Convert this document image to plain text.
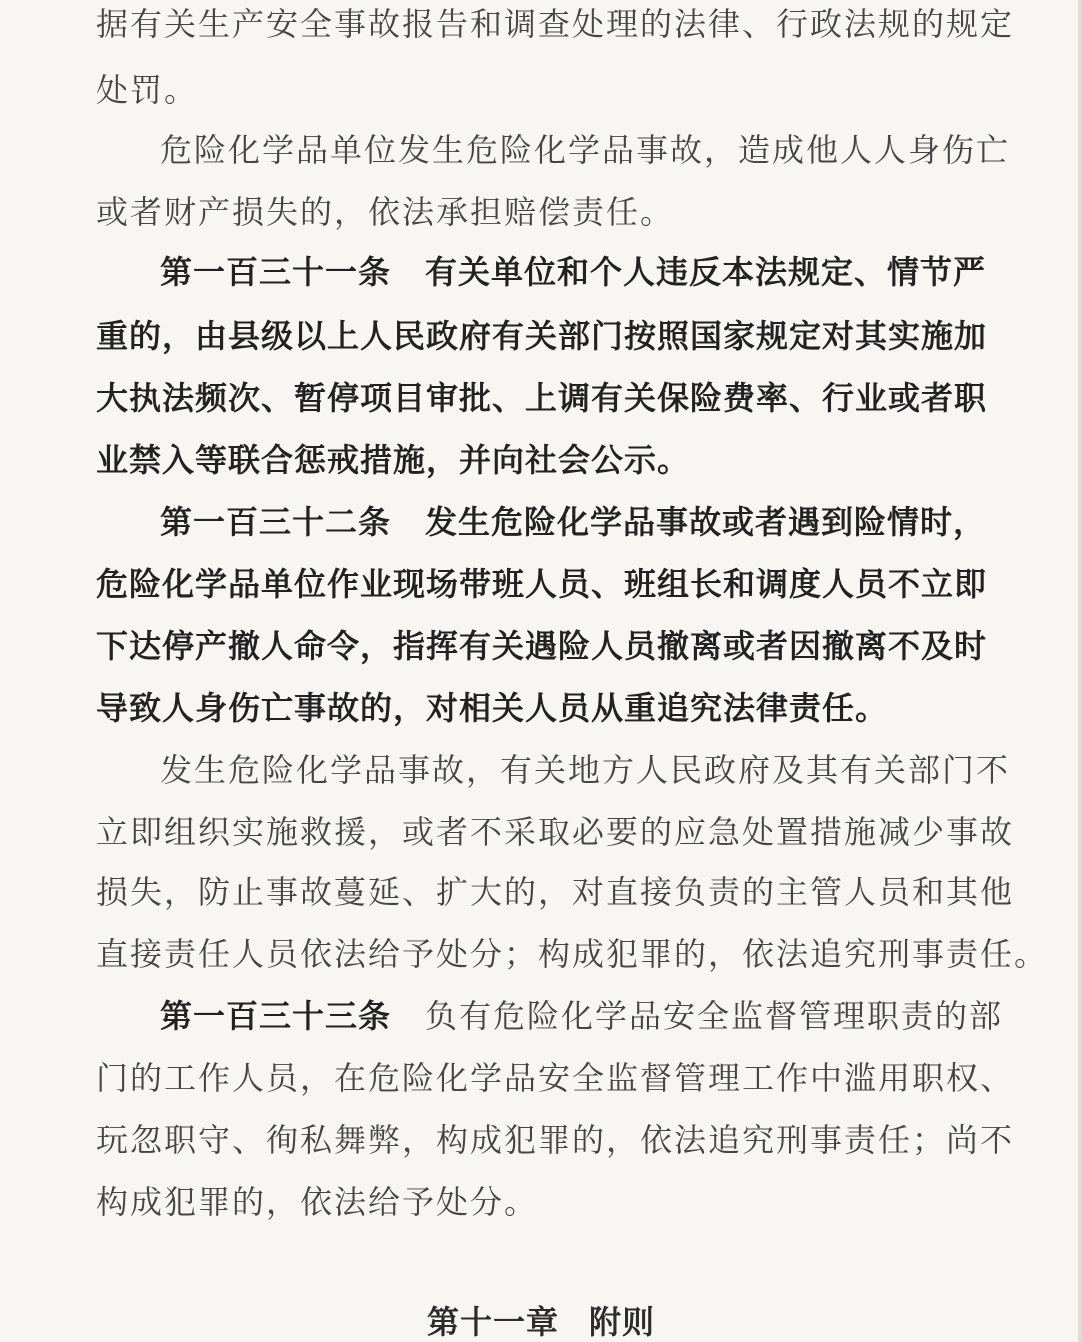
据有关生产安全事故报告和调查处理的法律、行政法规的规定
处罚。
危险化学品单位发生危险化学品事故，造成他人人身伤亡
或者财产损失的，依法承担赔偿责任。
第一百三十一条 有关单位和个人违反本法规定、情节严
重的，由县级以上人民政府有关部门按照国家规定对其实施加
大执法频次、暂停项目审批、上调有关保险费率、行业或者职
业禁入等联合惩戒措施，并向社会公示。
第一百三十二条 发生危险化学品事故或者遇到险情时，
危险化学品单位作业现场带班人员、班组长和调度人员不立即
下达停产撤人命令，指挥有关遇险人员撤离或者因撤离不及时
导致人身伤亡事故的，对相关人员从重追究法律责任。
发生危险化学品事故，有关地方人民政府及其有关部门不
立即组织实施救援，或者不采取必要的应急处置措施减少事故
损失，防止事故蔓延、扩大的，对直接负责的主管人员和其他
直接责任人员依法给予处分；构成犯罪的，依法追究刑事责任。
第一百三十三条 负有危险化学品安全监督管理职责的部
门的工作人员，在危险化学品安全监督管理工作中滥用职权、
玩忽职守、徇私舞弊，构成犯罪的，依法追究刑事责任；尚不
构成犯罪的，依法给予处分。
第十一章 附则
